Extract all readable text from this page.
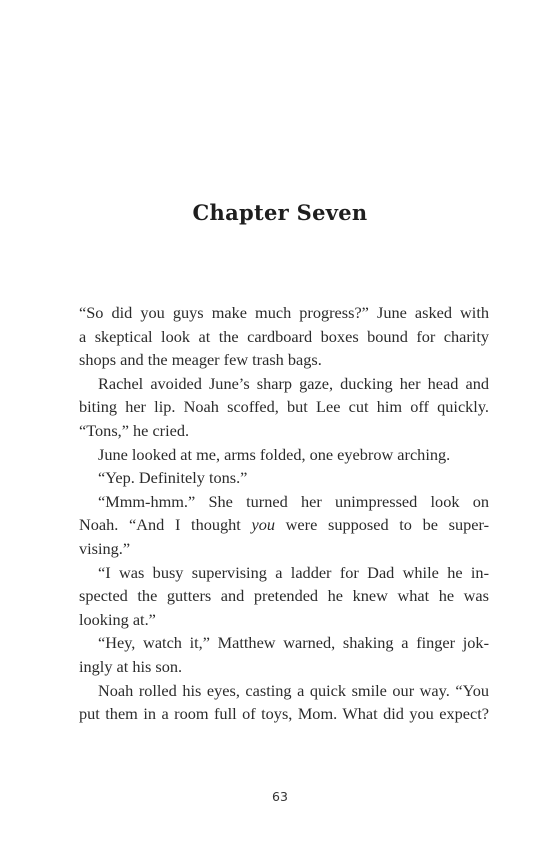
Chapter Seven
“So did you guys make much progress?” June asked with
a skeptical look at the cardboard boxes bound for charity
shops and the meager few trash bags.
Rachel avoided June’s sharp gaze, ducking her head and
biting her lip. Noah scoffed, but Lee cut him off quickly.
“Tons,” he cried.
June looked at me, arms folded, one eyebrow arching.
“Yep. Definitely tons.”
“Mmm-hmm.” She turned her unimpressed look on
Noah. “And I thought you were supposed to be super-
vising.”
“I was busy supervising a ladder for Dad while he in-
spected the gutters and pretended he knew what he was
looking at.”
“Hey, watch it,” Matthew warned, shaking a finger jok-
ingly at his son.
Noah rolled his eyes, casting a quick smile our way. “You
put them in a room full of toys, Mom. What did you expect?
63
